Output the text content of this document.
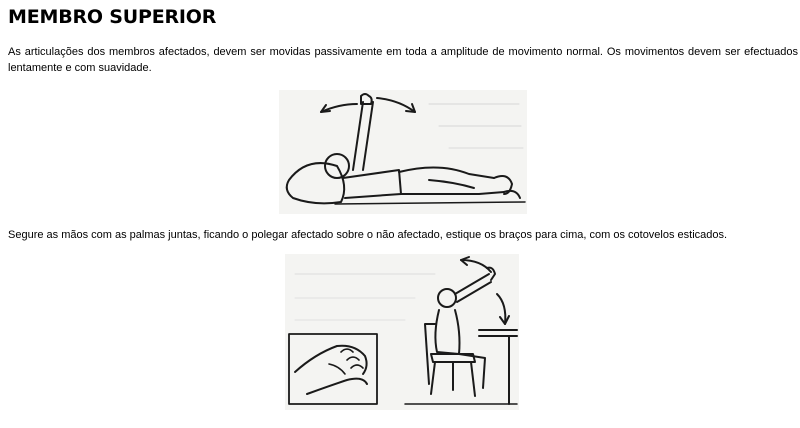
MEMBRO SUPERIOR

As articulações dos membros afectados, devem ser movidas passivamente em toda a amplitude de movimento normal. Os movimentos devem ser efectuados lentamente e com suavidade.

Segure as mãos com as palmas juntas, ficando o polegar afectado sobre o não afectado, estique os braços para cima, com os cotovelos esticados.
